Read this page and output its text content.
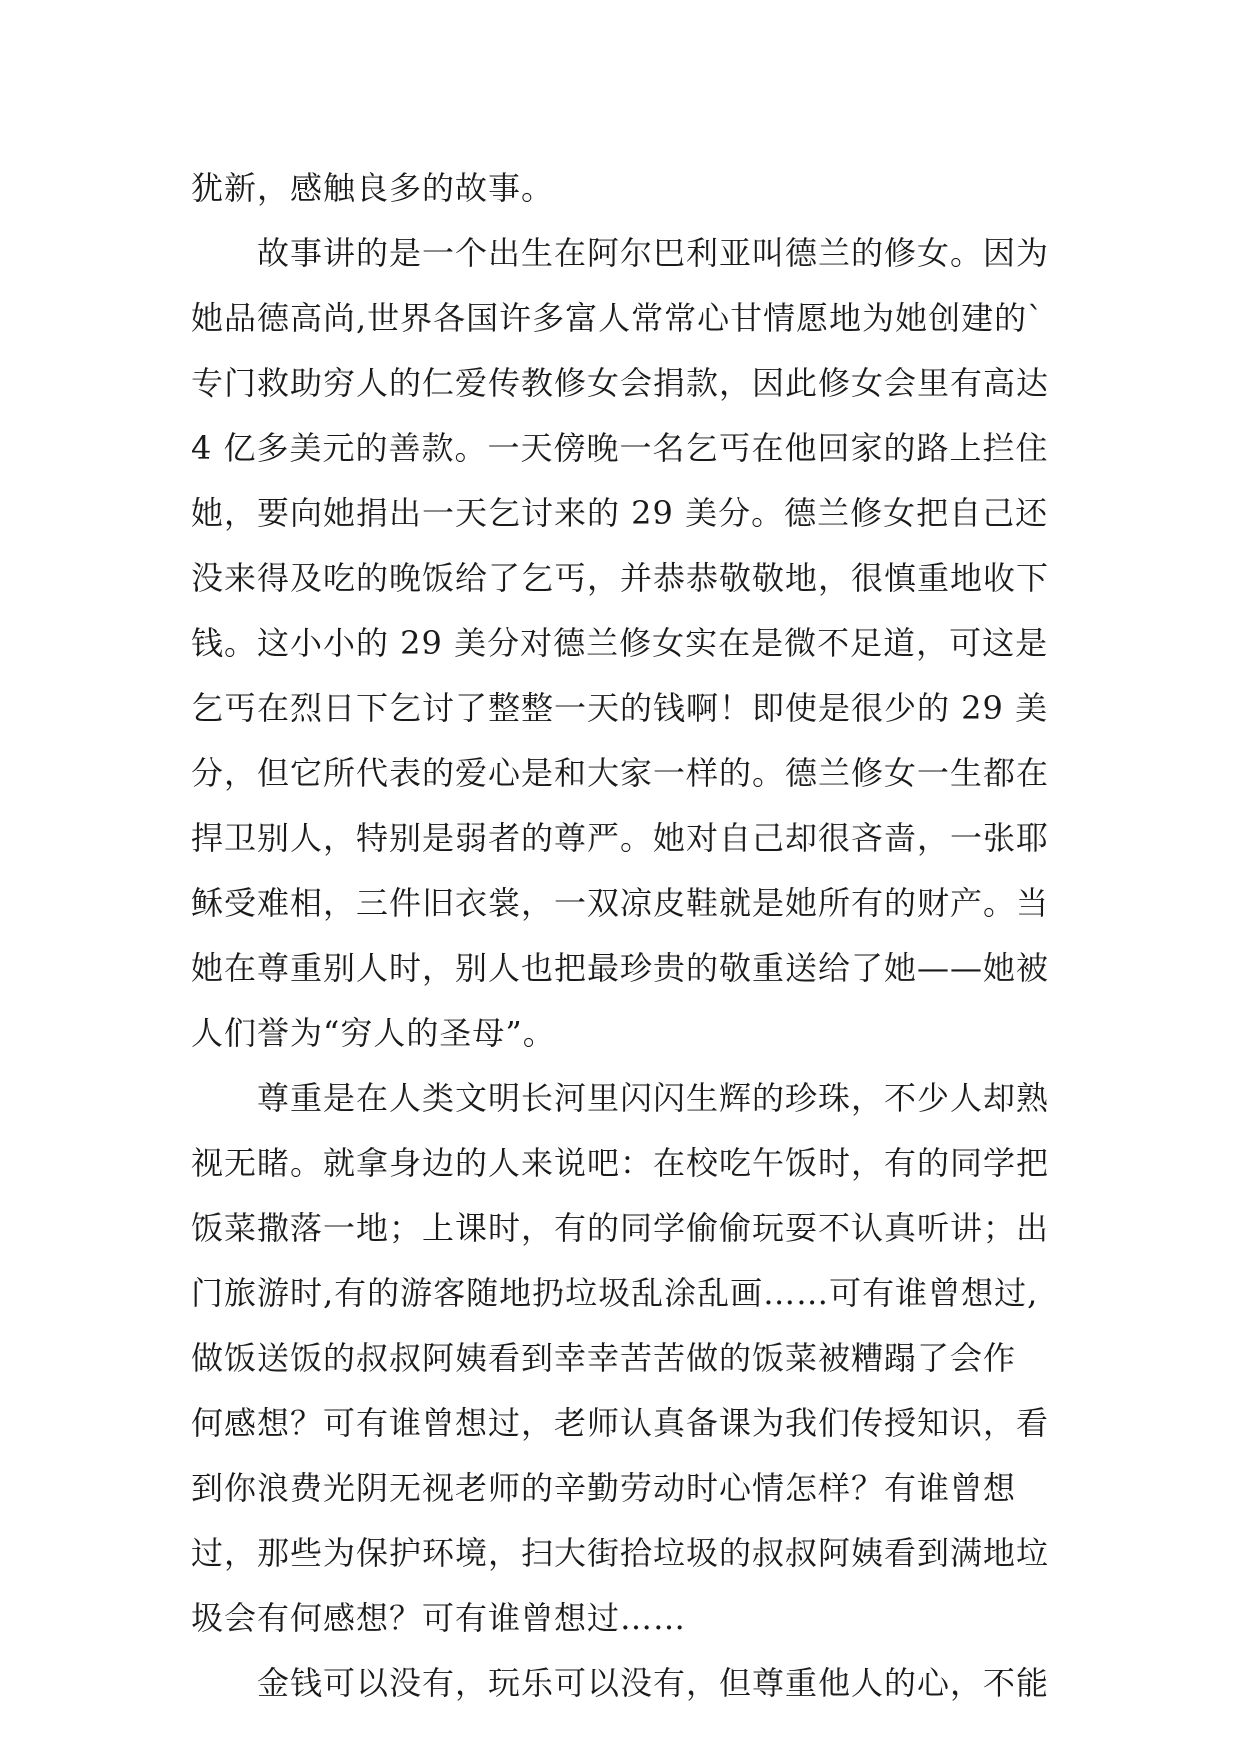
犹新，感触良多的故事。
　　故事讲的是一个出生在阿尔巴利亚叫德兰的修女。因为
她品德高尚,世界各国许多富人常常心甘情愿地为她创建的`
专门救助穷人的仁爱传教修女会捐款，因此修女会里有高达
4 亿多美元的善款。一天傍晚一名乞丐在他回家的路上拦住
她，要向她捐出一天乞讨来的 29 美分。德兰修女把自己还
没来得及吃的晚饭给了乞丐，并恭恭敬敬地，很慎重地收下
钱。这小小的 29 美分对德兰修女实在是微不足道，可这是
乞丐在烈日下乞讨了整整一天的钱啊！即使是很少的 29 美
分，但它所代表的爱心是和大家一样的。德兰修女一生都在
捍卫别人，特别是弱者的尊严。她对自己却很吝啬，一张耶
稣受难相，三件旧衣裳，一双凉皮鞋就是她所有的财产。当
她在尊重别人时，别人也把最珍贵的敬重送给了她——她被
人们誉为“穷人的圣母”。
　　尊重是在人类文明长河里闪闪生辉的珍珠，不少人却熟
视无睹。就拿身边的人来说吧：在校吃午饭时，有的同学把
饭菜撒落一地；上课时，有的同学偷偷玩耍不认真听讲；出
门旅游时,有的游客随地扔垃圾乱涂乱画……可有谁曾想过,
做饭送饭的叔叔阿姨看到幸幸苦苦做的饭菜被糟蹋了会作
何感想？可有谁曾想过，老师认真备课为我们传授知识，看
到你浪费光阴无视老师的辛勤劳动时心情怎样？有谁曾想
过，那些为保护环境，扫大街拾垃圾的叔叔阿姨看到满地垃
圾会有何感想？可有谁曾想过……
　　金钱可以没有，玩乐可以没有，但尊重他人的心，不能
